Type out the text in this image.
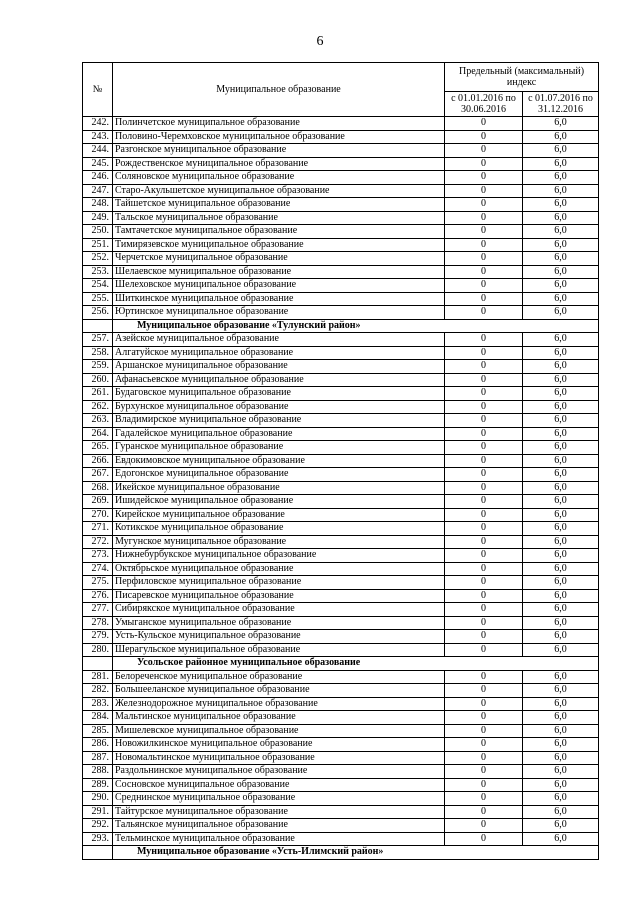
6
№	Муниципальное образование	Предельный (максимальный) индекс	
		с 01.01.2016 по 30.06.2016	с 01.07.2016 по 31.12.2016
242.	Полинчетское муниципальное образование	0	6,0
243.	Половино-Черемховское муниципальное образование	0	6,0
244.	Разгонское муниципальное образование	0	6,0
245.	Рождественское муниципальное образование	0	6,0
246.	Соляновское муниципальное образование	0	6,0
247.	Старо-Акульшетское муниципальное образование	0	6,0
248.	Тайшетское муниципальное образование	0	6,0
249.	Тальское муниципальное образование	0	6,0
250.	Тамтачетское муниципальное образование	0	6,0
251.	Тимирязевское муниципальное образование	0	6,0
252.	Черчетское муниципальное образование	0	6,0
253.	Шелаевское муниципальное образование	0	6,0
254.	Шелеховское муниципальное образование	0	6,0
255.	Шиткинское муниципальное образование	0	6,0
256.	Юртинское муниципальное образование	0	6,0
	Муниципальное образование «Тулунский район»		
257.	Азейское муниципальное образование	0	6,0
258.	Алгатуйское муниципальное образование	0	6,0
259.	Аршанское муниципальное образование	0	6,0
260.	Афанасьевское муниципальное образование	0	6,0
261.	Будаговское муниципальное образование	0	6,0
262.	Бурхунское муниципальное образование	0	6,0
263.	Владимирское муниципальное образование	0	6,0
264.	Гадалейское муниципальное образование	0	6,0
265.	Гуранское муниципальное образование	0	6,0
266.	Евдокимовское муниципальное образование	0	6,0
267.	Едогонское муниципальное образование	0	6,0
268.	Икейское муниципальное образование	0	6,0
269.	Ишидейское муниципальное образование	0	6,0
270.	Кирейское муниципальное образование	0	6,0
271.	Котикское муниципальное образование	0	6,0
272.	Мугунское муниципальное образование	0	6,0
273.	Нижнебурбукское муниципальное образование	0	6,0
274.	Октябрьское муниципальное образование	0	6,0
275.	Перфиловское муниципальное образование	0	6,0
276.	Писаревское муниципальное образование	0	6,0
277.	Сибирякское муниципальное образование	0	6,0
278.	Умыганское муниципальное образование	0	6,0
279.	Усть-Кульское муниципальное образование	0	6,0
280.	Шерагульское муниципальное образование	0	6,0
	Усольское районное муниципальное образование		
281.	Белореченское муниципальное образование	0	6,0
282.	Большееланское муниципальное образование	0	6,0
283.	Железнодорожное муниципальное образование	0	6,0
284.	Мальтинское муниципальное образование	0	6,0
285.	Мишелевское муниципальное образование	0	6,0
286.	Новожилкинское муниципальное образование	0	6,0
287.	Новомальтинское муниципальное образование	0	6,0
288.	Раздольнинское муниципальное образование	0	6,0
289.	Сосновское муниципальное образование	0	6,0
290.	Среднинское муниципальное образование	0	6,0
291.	Тайтурское муниципальное образование	0	6,0
292.	Тальянское муниципальное образование	0	6,0
293.	Тельминское муниципальное образование	0	6,0
	Муниципальное образование «Усть-Илимский район»		
